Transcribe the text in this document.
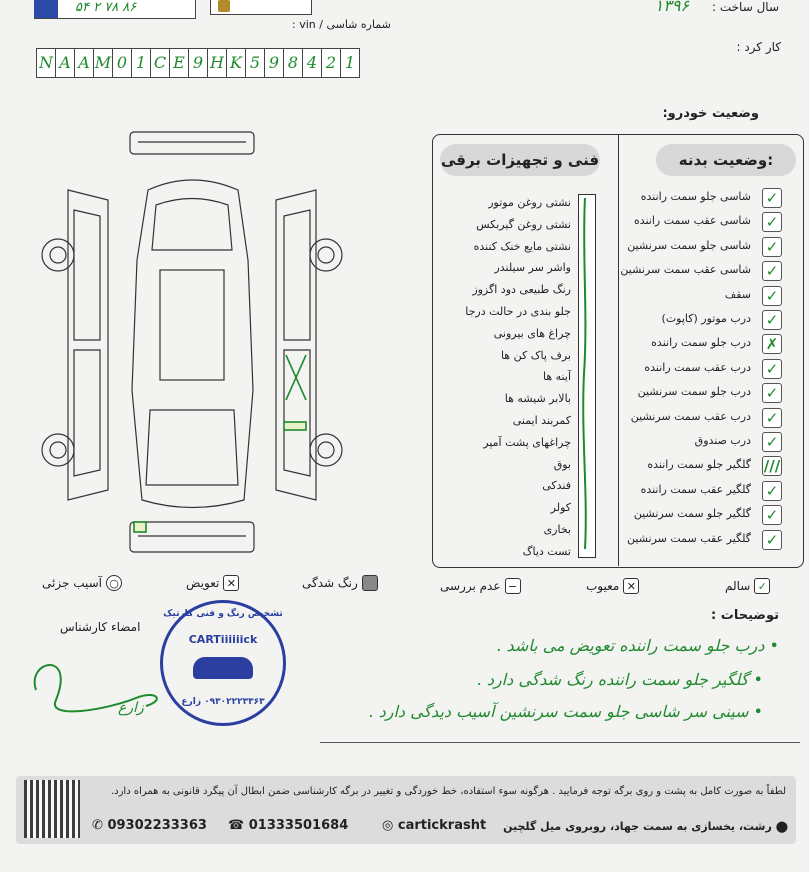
۵۴ ۲ ۷۸ ۸۶	سال ساخت :
۱۳۹۶
شماره شاسی / vin :
N A A M 0 1 C E 9 H K 5 9 8 4 2 1
کار کرد :
وضعیت خودرو:
وضعیت بدنه:
فنی و تجهیزات برقی
شاسی جلو سمت راننده ✓
شاسی عقب سمت راننده ✓
شاسی جلو سمت سرنشین ✓
شاسی عقب سمت سرنشین ✓
سقف ✓
درب موتور (کاپوت) ✓
درب جلو سمت راننده ✗
درب عقب سمت راننده ✓
درب جلو سمت سرنشین ✓
درب عقب سمت سرنشین ✓
درب صندوق ✓
گلگیر جلو سمت راننده ///
گلگیر عقب سمت راننده ✓
گلگیر جلو سمت سرنشین ✓
گلگیر عقب سمت سرنشین ✓
نشتی روغن موتور
نشتی روغن گیربکس
نشتی مایع خنک کننده
واشر سر سیلندر
رنگ طبیعی دود اگزوز
جلو بندی در حالت درجا
چراغ های بیرونی
برف پاک کن ها
آینه ها
بالابر شیشه ها
کمربند ایمنی
چراغهای پشت آمپر
بوق
فندکی
کولر
بخاری
تست دیاگ
✓
سالم
✕
معیوب
−
عدم بررسی
رنگ شدگی
✕
تعویض
○
آسیب جزئی
توضیحات :
• درب جلو سمت راننده تعویض می باشد .
• گلگیر جلو سمت راننده رنگ شدگی دارد .
• سینی سر شاسی جلو سمت سرنشین آسیب دیدگی دارد .
امضاء کارشناس
تشخیص رنگ و فنی کارتیک
CARTiiiiiick
۰۹۳۰۲۲۲۳۳۶۳ زارع
زارع
لطفاً به صورت کامل به پشت و روی برگه توجه فرمایید . هرگونه سوء استفاده، خط خوردگی و تغییر در برگه کارشناسی ضمن ابطال آن پیگرد قانونی به همراه دارد.
✆ 09302233363 ☎ 01333501684	◎ cartickrasht	⬤ رشت، یخسازی به سمت جهاد، روبروی میل گلچین
